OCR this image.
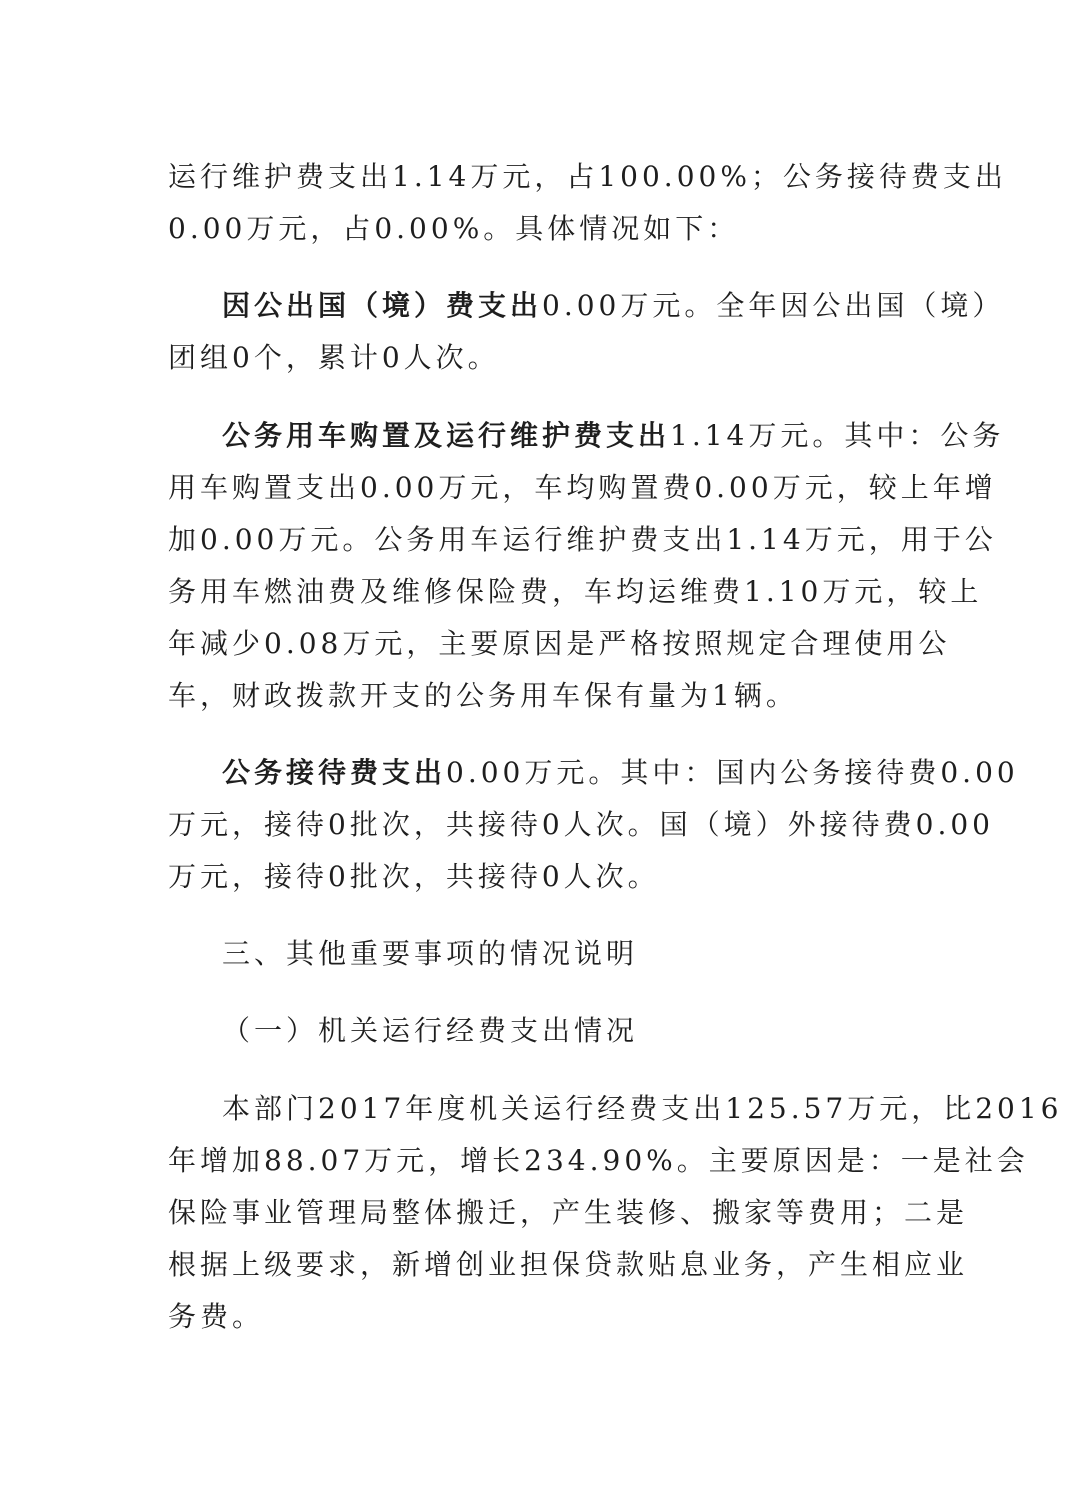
运行维护费支出1.14万元，占100.00%；公务接待费支出
0.00万元，占0.00%。具体情况如下：
因公出国（境）费支出0.00万元。全年因公出国（境）
团组0个，累计0人次。
公务用车购置及运行维护费支出1.14万元。其中：公务
用车购置支出0.00万元，车均购置费0.00万元，较上年增
加0.00万元。公务用车运行维护费支出1.14万元，用于公
务用车燃油费及维修保险费，车均运维费1.10万元，较上
年减少0.08万元，主要原因是严格按照规定合理使用公
车，财政拨款开支的公务用车保有量为1辆。
公务接待费支出0.00万元。其中：国内公务接待费0.00
万元，接待0批次，共接待0人次。国（境）外接待费0.00
万元，接待0批次，共接待0人次。
三、其他重要事项的情况说明
（一）机关运行经费支出情况
本部门2017年度机关运行经费支出125.57万元，比2016
年增加88.07万元，增长234.90%。主要原因是：一是社会
保险事业管理局整体搬迁，产生装修、搬家等费用；二是
根据上级要求，新增创业担保贷款贴息业务，产生相应业
务费。
